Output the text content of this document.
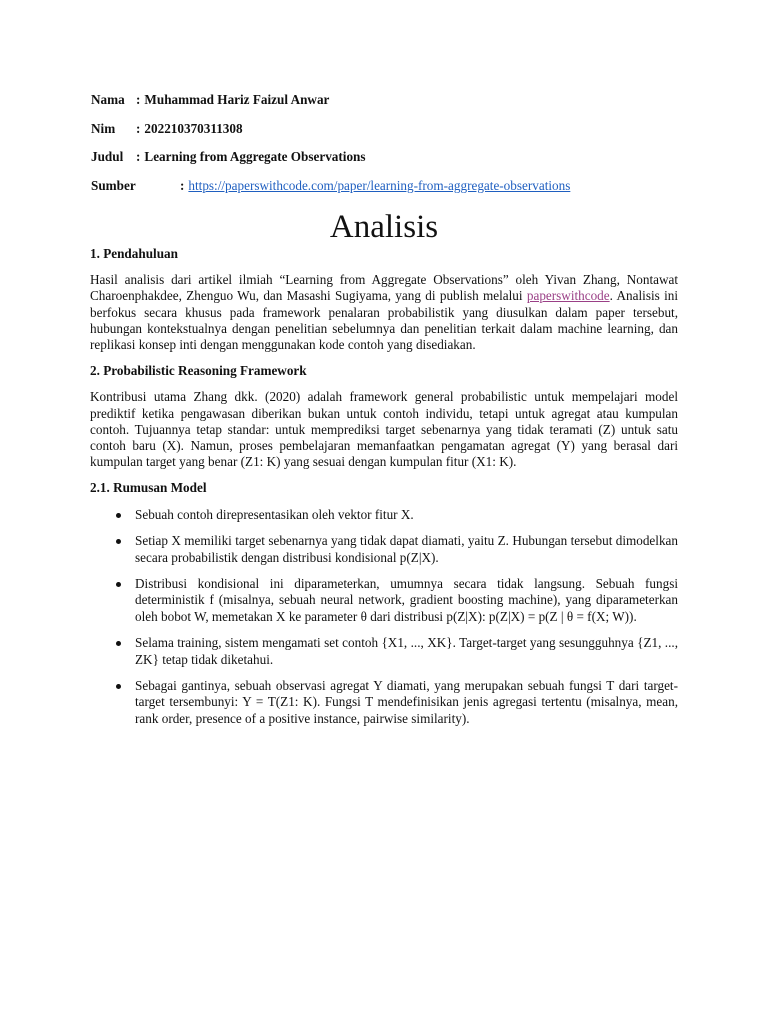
Nama : Muhammad Hariz Faizul Anwar
Nim : 202210370311308
Judul : Learning from Aggregate Observations
Sumber	: https://paperswithcode.com/paper/learning-from-aggregate-observations
Analisis
1. Pendahuluan
Hasil analisis dari artikel ilmiah “Learning from Aggregate Observations” oleh Yivan Zhang, Nontawat Charoenphakdee, Zhenguo Wu, dan Masashi Sugiyama, yang di publish melalui paperswithcode. Analisis ini berfokus secara khusus pada framework penalaran probabilistik yang diusulkan dalam paper tersebut, hubungan kontekstualnya dengan penelitian sebelumnya dan penelitian terkait dalam machine learning, dan replikasi konsep inti dengan menggunakan kode contoh yang disediakan.
2. Probabilistic Reasoning Framework
Kontribusi utama Zhang dkk. (2020) adalah framework general probabilistic untuk mempelajari model prediktif ketika pengawasan diberikan bukan untuk contoh individu, tetapi untuk agregat atau kumpulan contoh. Tujuannya tetap standar: untuk memprediksi target sebenarnya yang tidak teramati (Z) untuk satu contoh baru (X). Namun, proses pembelajaran memanfaatkan pengamatan agregat (Y) yang berasal dari kumpulan target yang benar (Z1: K) yang sesuai dengan kumpulan fitur (X1: K).
2.1. Rumusan Model
Sebuah contoh direpresentasikan oleh vektor fitur X.
Setiap X memiliki target sebenarnya yang tidak dapat diamati, yaitu Z. Hubungan tersebut dimodelkan secara probabilistik dengan distribusi kondisional p(Z|X).
Distribusi kondisional ini diparameterkan, umumnya secara tidak langsung. Sebuah fungsi deterministik f (misalnya, sebuah neural network, gradient boosting machine), yang diparameterkan oleh bobot W, memetakan X ke parameter θ dari distribusi p(Z|X): p(Z|X) = p(Z | θ = f(X; W)).
Selama training, sistem mengamati set contoh {X1, ..., XK}. Target-target yang sesungguhnya {Z1, ..., ZK} tetap tidak diketahui.
Sebagai gantinya, sebuah observasi agregat Y diamati, yang merupakan sebuah fungsi T dari target-target tersembunyi: Y = T(Z1: K). Fungsi T mendefinisikan jenis agregasi tertentu (misalnya, mean, rank order, presence of a positive instance, pairwise similarity).
